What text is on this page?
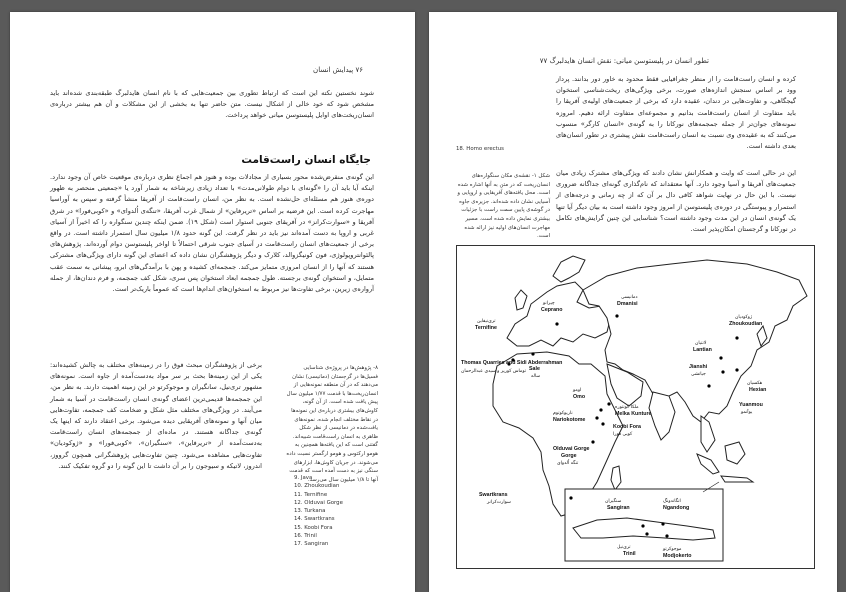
۷۶ پیدایش انسان

شوند نخستین نکته این است که ارتباط تطوری بین جمعیت‌هایی که با نام انسان هایدلبرگ طبقه‌بندی شده‌اند باید مشخص شود که خود خالی از اشکال نیست. متن حاضر تنها به بخشی از این مشکلات و آن هم بیشتر درباره‌ی انسان‌ریخت‌های اوایل پلیستوسن میانی خواهد پرداخت.

جایگاه انسان راست‌قامت

این گونه‌ی منقرض‌شده محور بسیاری از مجادلات بوده و هنوز هم اجماع نظری درباره‌ی موقعیت خاص آن وجود ندارد. اینکه آیا باید آن را «گونه‌ای با دوام طولانی‌مدت» با تعداد زیادی زیرشاخه به شمار آورد یا «جمعیتی منحصر به ظهور دوره‌ی هنوز هم مسئله‌ای حل‌نشده است. به نظر من، انسان راست‌قامت از آفریقا منشأ گرفته و سپس به آوراسیا مهاجرت کرده است. این فرضیه بر اساس «تریرفاین» از شمال غرب آفریقا، «تنگه‌ی اُلدوای» و «کوبی‌فورا» در شرق آفریقا و «سوارت‌کرانز» در آفریقای جنوبی استوار است (شکل ۱۹). ضمن اینکه چندین سنگواره را که اخیراً از آسیای غربی و اروپا به دست آمده‌اند نیز باید در نظر گرفت. این گونه حدود ۱/۸ میلیون سال استمرار داشته است. در واقع برخی از جمعیت‌های انسان راست‌قامت در آسیای جنوب شرقی احتمالاً تا اواخر پلیستوسن دوام آورده‌اند. پژوهش‌های پالئوانتروپولوژی، فون کونیگزوالد، کلارک و دیگر پژوهشگران نشان داده که اعضای این گونه دارای ویژگی‌های مشترکی هستند که آنها را از انسان امروزی متمایز می‌کند. جمجمه‌ای کشیده و پهن با برآمدگی‌های ابرو، پیشانی به سمت عقب متمایل، و استخوان گونه‌ی برجسته. طول جمجمه ابعاد استخوان پس سری، شکل کف جمجمه، و فرم دندان‌ها، از جمله آرواره‌ی زیرین، برخی تفاوت‌ها نیز مربوط به استخوان‌های اندام‌ها است که عموماً باریک‌تر است.

برخی از پژوهشگران مبحث فوق را در زمینه‌های مختلف به چالش کشیده‌اند: یکی از این زمینه‌ها بحث بر سر مواد به‌دست‌آمده از جاوه است. نمونه‌های مشهور تری‌نیل، سانگیران و موجوکرتو در این زمینه اهمیت دارند. به نظر من، این جمجمه‌ها قدیمی‌ترین اعضای گونه‌ی انسان راست‌قامت در آسیا به شمار می‌آیند. در ویژگی‌های مختلف مثل شکل و ضخامت کف جمجمه، تفاوت‌هایی میان آنها و نمونه‌های آفریقایی دیده می‌شود. برخی اعتقاد دارند که اینها یک گونه‌ی جداگانه هستند. در ماده‌ای از جمجمه‌های انسان راست‌قامت به‌دست‌آمده از «تریرفاین»، «سنگیران»، «کوبی‌فورا» و «ژوکودیان» تفاوت‌هایی مشاهده می‌شود. چنین تفاوت‌هایی پژوهشگرانی همچون گرووز، اندروز، لاتیکه و سیوجون را بر آن داشت تا این گونه را دو گروه تفکیک کنند.

۸- پژوهش‌ها در پروژه‌ی شناسایی فسیل‌ها در گرجستان (دمانیسی) نشان می‌دهند که در آن منطقه نمونه‌هایی از انسان‌ریخت‌ها با قدمت ۱/۷۷ میلیون سال پیش یافت شده است. از آن گونه، کاوش‌های بیشتری درباره‌ی این نمونه‌ها در نقاط مختلف انجام شده. نمونه‌های یافت‌شده در دمانیسی از نظر شکل ظاهری به انسان راست‌قامت شبیه‌اند. گفتنی است که این یافته‌ها همچنین به هومو ارکتوس و هومو ارگستر نسبت داده می‌شوند. در جریان کاوش‌ها، ابزارهای سنگی نیز به دست آمده است که قدمت آنها تا ۱/۸ میلیون سال می‌رسد.
9. Java
10. Zhoukoudian
11. Ternifine
12. Olduvai Gorge
13. Turkana
14. Swartkrans
15. Koobi Fora
16. Trinil
17. Sangiran
تطور انسان در پلیستوسن میانی: نقش انسان هایدلبرگ ۷۷

کرده و انسان راست‌قامت را از منظر جغرافیایی فقط محدود به خاور دور بدانند. پرداز وود بر اساس سنجش اندازه‌های صورت، برخی ویژگی‌های ریخت‌شناسی استخوان گیجگاهی، و تفاوت‌هایی در دندان، عقیده دارد که برخی از جمعیت‌های اولیه‌ی آفریقا را باید متفاوت از انسان راست‌قامت بدانیم و مجموعه‌ای متفاوت ارائه دهیم. امروزه نمونه‌های جوان‌تر از جمله جمجمه‌های نورکانا را به گونه‌ی «انسان کارگر» منسوب می‌کنند که به عقیده‌ی وی نسبت به انسان راست‌قامت نقش پیشتری در تطور انسان‌های بعدی داشته است.

18. Homo erectus
شکل ۱- نقشه‌ی مکان سنگواره‌های انسان‌ریخت که در متن به آنها اشاره شده است. محل یافته‌های آفریقایی و اروپایی و آسیایی نشان داده شده‌اند. جزیره‌ی جاوه در گوشه‌ی پایین سمت راست با جزئیات بیشتری نمایش داده شده است. مسیر مهاجرت انسان‌های اولیه نیز ارائه شده است.

این در حالی است که وایت و همکارانش نشان دادند که ویژگی‌های مشترک زیادی میان جمعیت‌های آفریقا و آسیا وجود دارد. آنها معتقد‌اند که نام‌گذاری گونه‌ای جداگانه ضروری نیست. با این حال در نهایت شواهد کافی دال بر آن که از چه زمانی و درجه‌های از استمرار و پیوستگی در دوره‌ی پلیستوسن از امروز وجود داشته است به بیان دیگر آیا تنها یک گونه‌ی انسان در این مدت وجود داشته است؟ شناسایی این چنین گرایش‌های تکامل در نورکانا و گرجستان امکان‌پذیر است.

چپرانو
Ceprano
دمانیسی
Dmanisi
تری‌نیفاین
Ternifine
Thomas Quarries and Sidi Abderrahman
توماس کوریز و سیدی عبدالرحمان Sale
ساله
Omo
اومو
ناریوکوتوم
Nariokotome
ملکا کونتوره
Melka Kunture
Koobi Fora
کوبی فورا
Olduvai Gorge
Gorge
تنگه اُلدوای
Swartkrans
سوارت‌کرانز
ژوکودیان
Zhoukoudian
لانتیان
Lantian
Jianshi
جیانشی
هکسیان
Hexian
Yuanmou
یوآنمو
سنگیران
Sangiran
انگاندونگ
Ngandong
تری‌نیل
Trinil
موجوکرتو
Modjokerto
